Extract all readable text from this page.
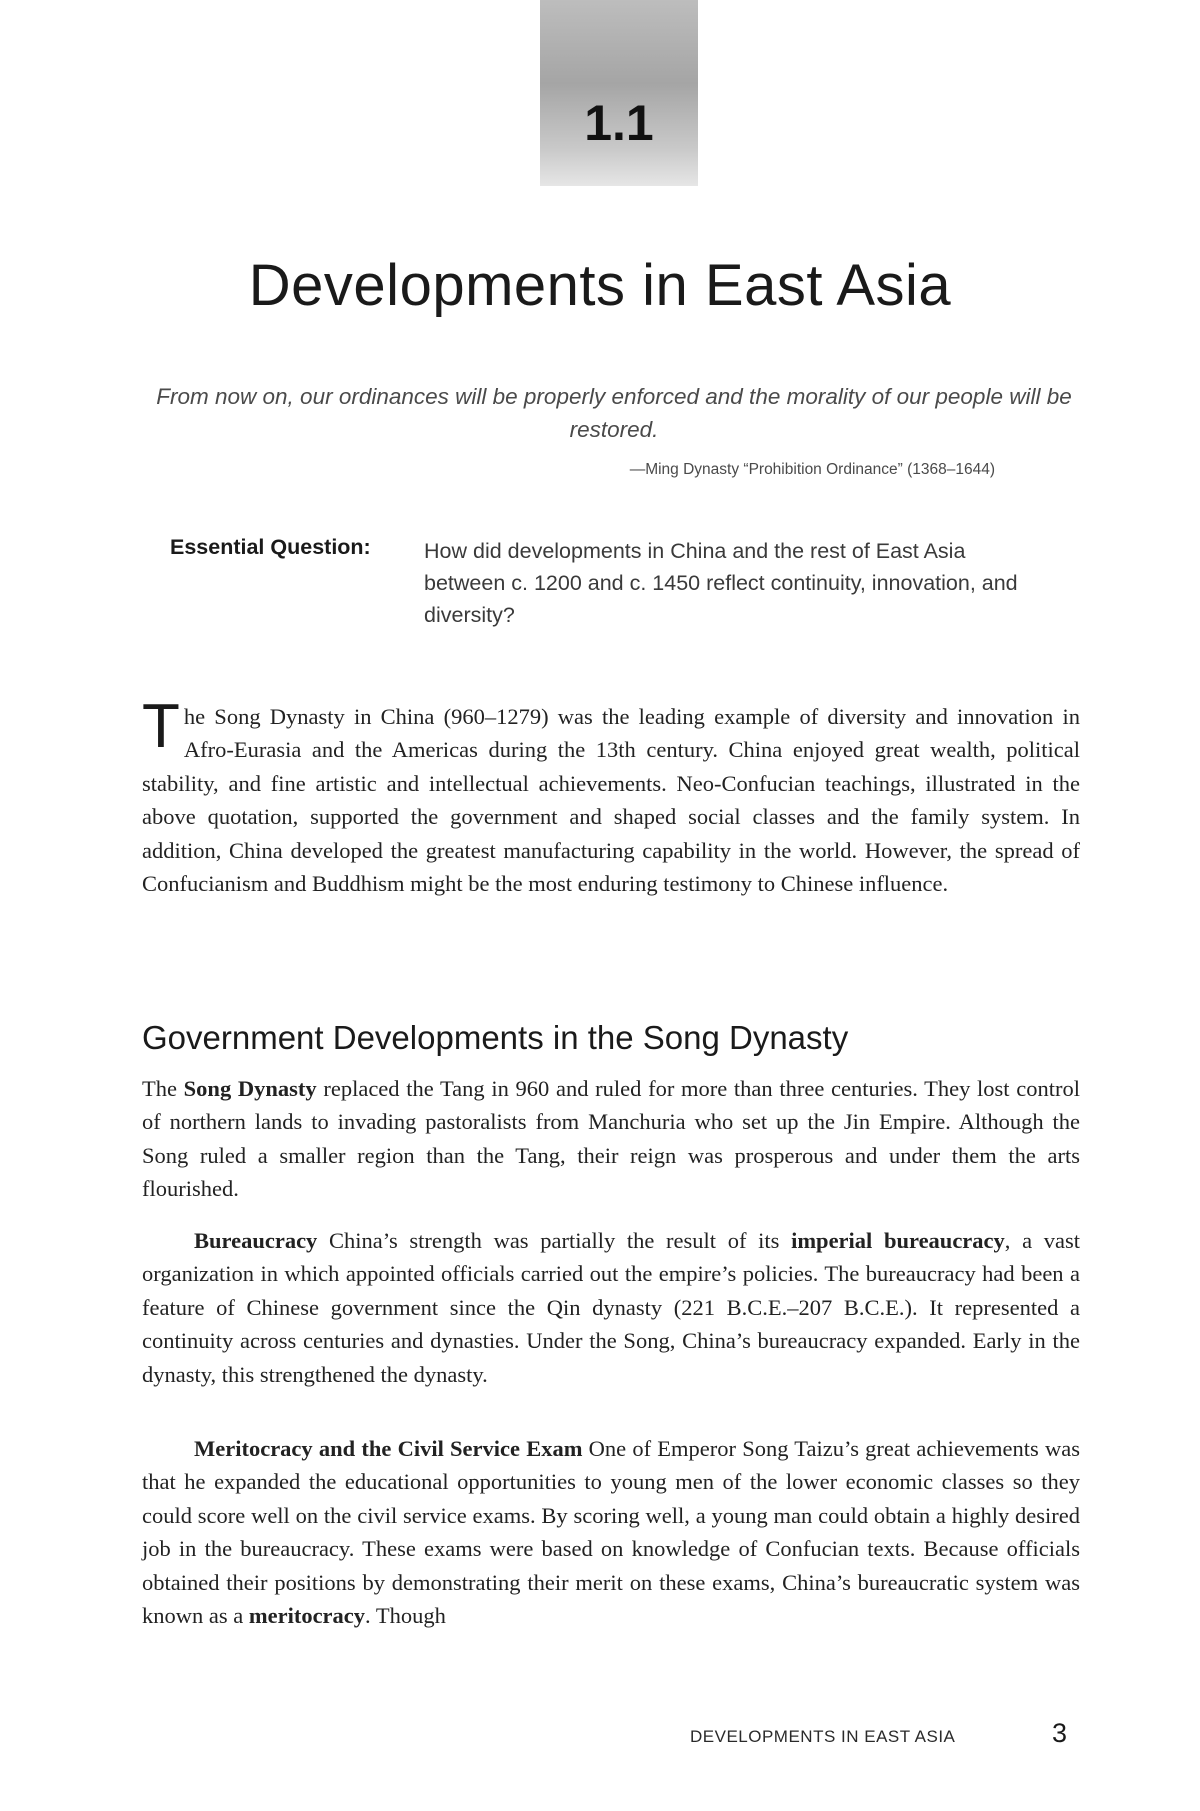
1.1
Developments in East Asia
From now on, our ordinances will be properly enforced and the morality of our people will be restored.
—Ming Dynasty “Prohibition Ordinance” (1368–1644)
Essential Question: How did developments in China and the rest of East Asia between c. 1200 and c. 1450 reflect continuity, innovation, and diversity?

The Song Dynasty in China (960–1279) was the leading example of diversity and innovation in Afro-Eurasia and the Americas during the 13th century. China enjoyed great wealth, political stability, and fine artistic and intellectual achievements. Neo-Confucian teachings, illustrated in the above quotation, supported the government and shaped social classes and the family system. In addition, China developed the greatest manufacturing capability in the world. However, the spread of Confucianism and Buddhism might be the most enduring testimony to Chinese influence.

Government Developments in the Song Dynasty

The Song Dynasty replaced the Tang in 960 and ruled for more than three centuries. They lost control of northern lands to invading pastoralists from Manchuria who set up the Jin Empire. Although the Song ruled a smaller region than the Tang, their reign was prosperous and under them the arts flourished.

Bureaucracy China’s strength was partially the result of its imperial bureaucracy, a vast organization in which appointed officials carried out the empire’s policies. The bureaucracy had been a feature of Chinese government since the Qin dynasty (221 B.C.E.–207 B.C.E.). It represented a continuity across centuries and dynasties. Under the Song, China’s bureaucracy expanded. Early in the dynasty, this strengthened the dynasty.

Meritocracy and the Civil Service Exam One of Emperor Song Taizu’s great achievements was that he expanded the educational opportunities to young men of the lower economic classes so they could score well on the civil service exams. By scoring well, a young man could obtain a highly desired job in the bureaucracy. These exams were based on knowledge of Confucian texts. Because officials obtained their positions by demonstrating their merit on these exams, China’s bureaucratic system was known as a meritocracy. Though

DEVELOPMENTS IN EAST ASIA	3
